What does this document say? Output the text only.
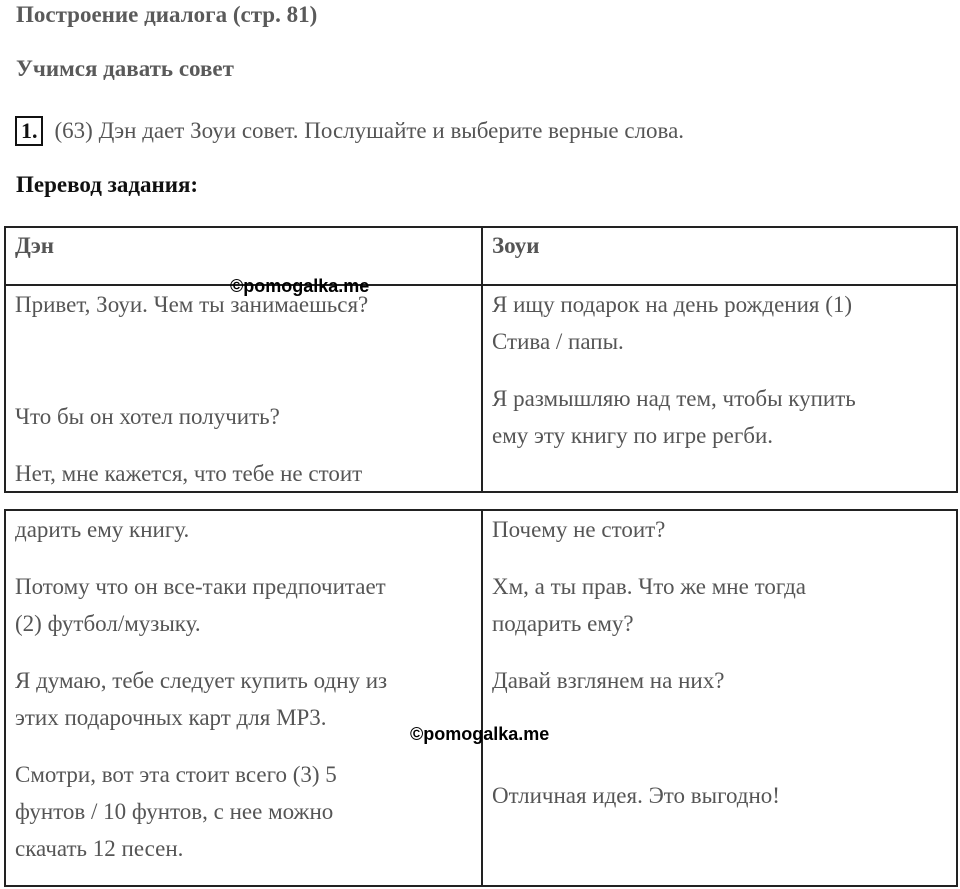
Построение диалога (стр. 81)
Учимся давать совет
1. (63) Дэн дает Зоуи совет. Послушайте и выберите верные слова.
Перевод задания:
Дэн	Зоуи
Привет, Зоуи. Чем ты занимаешься?
Что бы он хотел получить?
Нет, мне кажется, что тебе не стоит
Я ищу подарок на день рождения (1)
Стива / папы.
Я размышляю над тем, чтобы купить
ему эту книгу по игре регби.
дарить ему книгу.
Потому что он все-таки предпочитает
(2) футбол/музыку.
Я думаю, тебе следует купить одну из
этих подарочных карт для MP3.
Смотри, вот эта стоит всего (3) 5
фунтов / 10 фунтов, с нее можно
скачать 12 песен.
Почему не стоит?
Хм, а ты прав. Что же мне тогда
подарить ему?
Давай взглянем на них?
Отличная идея. Это выгодно!
©pomogalka.me
©pomogalka.me
